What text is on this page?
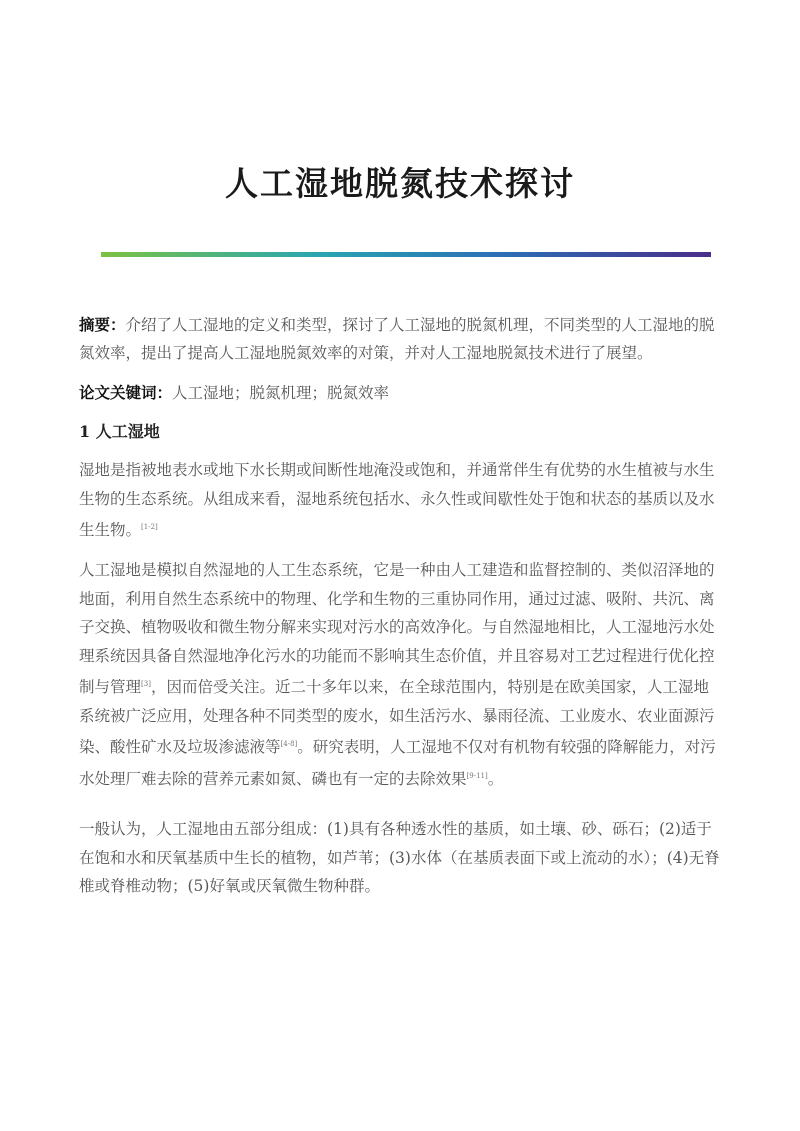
人工湿地脱氮技术探讨

摘要：介绍了人工湿地的定义和类型，探讨了人工湿地的脱氮机理，不同类型的人工湿地的脱氮效率，提出了提高人工湿地脱氮效率的对策，并对人工湿地脱氮技术进行了展望。

论文关键词：人工湿地；脱氮机理；脱氮效率

1 人工湿地

湿地是指被地表水或地下水长期或间断性地淹没或饱和，并通常伴生有优势的水生植被与水生生物的生态系统。从组成来看，湿地系统包括水、永久性或间歇性处于饱和状态的基质以及水生生物。[1-2]

人工湿地是模拟自然湿地的人工生态系统，它是一种由人工建造和监督控制的、类似沼泽地的地面，利用自然生态系统中的物理、化学和生物的三重协同作用，通过过滤、吸附、共沉、离子交换、植物吸收和微生物分解来实现对污水的高效净化。与自然湿地相比，人工湿地污水处理系统因具备自然湿地净化污水的功能而不影响其生态价值，并且容易对工艺过程进行优化控制与管理[3]，因而倍受关注。近二十多年以来，在全球范围内，特别是在欧美国家，人工湿地系统被广泛应用，处理各种不同类型的废水，如生活污水、暴雨径流、工业废水、农业面源污染、酸性矿水及垃圾渗滤液等[4-8]。研究表明，人工湿地不仅对有机物有较强的降解能力，对污水处理厂难去除的营养元素如氮、磷也有一定的去除效果[9-11]。

一般认为，人工湿地由五部分组成：(1)具有各种透水性的基质，如土壤、砂、砾石；(2)适于在饱和水和厌氧基质中生长的植物，如芦苇；(3)水体（在基质表面下或上流动的水）；(4)无脊椎或脊椎动物；(5)好氧或厌氧微生物种群。
